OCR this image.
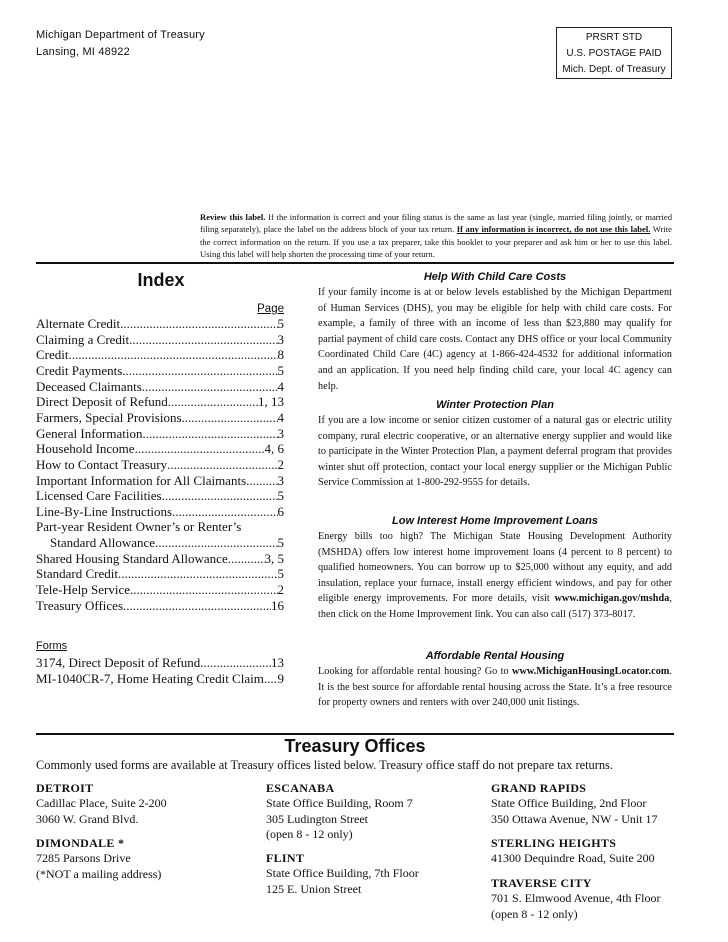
Michigan Department of Treasury
Lansing, MI 48922
PRSRT STD
U.S. POSTAGE PAID
Mich. Dept. of Treasury
Review this label. If the information is correct and your filing status is the same as last year (single, married filing jointly, or married filing separately), place the label on the address block of your tax return. If any information is incorrect, do not use this label. Write the correct information on the return. If you use a tax preparer, take this booklet to your preparer and ask him or her to use this label. Using this label will help shorten the processing time of your return.
Index
Page
Alternate Credit .....	5
Claiming a Credit .....	3
Credit .....	8
Credit Payments .....	5
Deceased Claimants .....	4
Direct Deposit of Refund .....	1, 13
Farmers, Special Provisions .....	4
General Information .....	3
Household Income .....	4, 6
How to Contact Treasury .....	2
Important Information for All Claimants ..... 3
Licensed Care Facilities .....	5
Line-By-Line Instructions .....	6
Part-year Resident Owner’s or Renter’s
Standard Allowance .....	5
Shared Housing Standard Allowance .....	3, 5
Standard Credit .....	5
Tele-Help Service .....	2
Treasury Offices .....	16
Forms
3174, Direct Deposit of Refund .....	13
MI-1040CR-7, Home Heating Credit Claim ..... 9
Help With Child Care Costs
If your family income is at or below levels established by the Michigan Department of Human Services (DHS), you may be eligible for help with child care costs. For example, a family of three with an income of less than $23,880 may qualify for partial payment of child care costs. Contact any DHS office or your local Community Coordinated Child Care (4C) agency at 1-866-424-4532 for additional information and an application. If you need help finding child care, your local 4C agency can help.
Winter Protection Plan
If you are a low income or senior citizen customer of a natural gas or electric utility company, rural electric cooperative, or an alternative energy supplier and would like to participate in the Winter Protection Plan, a payment deferral program that provides winter shut off protection, contact your local energy supplier or the Michigan Public Service Commission at 1-800-292-9555 for details.
Low Interest Home Improvement Loans
Energy bills too high? The Michigan State Housing Development Authority (MSHDA) offers low interest home improvement loans (4 percent to 8 percent) to qualified homeowners. You can borrow up to $25,000 without any equity, and add insulation, replace your furnace, install energy efficient windows, and pay for other eligible energy improvements. For more details, visit www.michigan.gov/mshda, then click on the Home Improvement link. You can also call (517) 373-8017.
Affordable Rental Housing
Looking for affordable rental housing? Go to www.MichiganHousingLocator.com. It is the best source for affordable rental housing across the State. It’s a free resource for property owners and renters with over 240,000 unit listings.
Treasury Offices
Commonly used forms are available at Treasury offices listed below. Treasury office staff do not prepare tax returns.
DETROIT
Cadillac Place, Suite 2-200
3060 W. Grand Blvd.
DIMONDALE *
7285 Parsons Drive
(*NOT a mailing address)
ESCANABA
State Office Building, Room 7
305 Ludington Street
(open 8 - 12 only)
FLINT
State Office Building, 7th Floor
125 E. Union Street
GRAND RAPIDS
State Office Building, 2nd Floor
350 Ottawa Avenue, NW - Unit 17
STERLING HEIGHTS
41300 Dequindre Road, Suite 200
TRAVERSE CITY
701 S. Elmwood Avenue, 4th Floor
(open 8 - 12 only)
